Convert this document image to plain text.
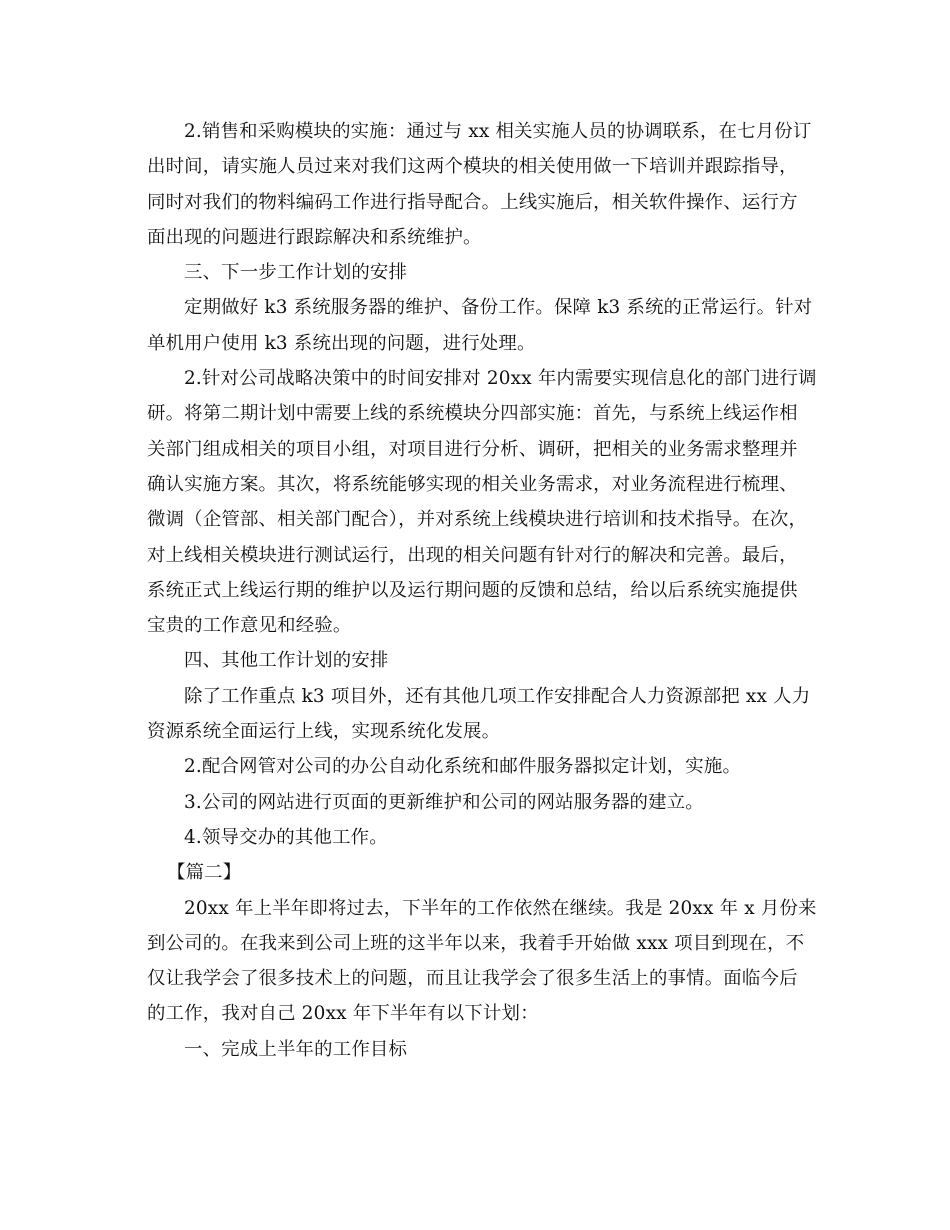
2.销售和采购模块的实施：通过与 xx 相关实施人员的协调联系，在七月份订
出时间，请实施人员过来对我们这两个模块的相关使用做一下培训并跟踪指导，
同时对我们的物料编码工作进行指导配合。上线实施后，相关软件操作、运行方
面出现的问题进行跟踪解决和系统维护。
三、下一步工作计划的安排
定期做好 k3 系统服务器的维护、备份工作。保障 k3 系统的正常运行。针对
单机用户使用 k3 系统出现的问题，进行处理。
2.针对公司战略决策中的时间安排对 20xx 年内需要实现信息化的部门进行调
研。将第二期计划中需要上线的系统模块分四部实施：首先，与系统上线运作相
关部门组成相关的项目小组，对项目进行分析、调研，把相关的业务需求整理并
确认实施方案。其次，将系统能够实现的相关业务需求，对业务流程进行梳理、
微调（企管部、相关部门配合），并对系统上线模块进行培训和技术指导。在次，
对上线相关模块进行测试运行，出现的相关问题有针对行的解决和完善。最后，
系统正式上线运行期的维护以及运行期问题的反馈和总结，给以后系统实施提供
宝贵的工作意见和经验。
四、其他工作计划的安排
除了工作重点 k3 项目外，还有其他几项工作安排配合人力资源部把 xx 人力
资源系统全面运行上线，实现系统化发展。
2.配合网管对公司的办公自动化系统和邮件服务器拟定计划，实施。
3.公司的网站进行页面的更新维护和公司的网站服务器的建立。
4.领导交办的其他工作。
【篇二】
20xx 年上半年即将过去，下半年的工作依然在继续。我是 20xx 年 x 月份来
到公司的。在我来到公司上班的这半年以来，我着手开始做 xxx 项目到现在，不
仅让我学会了很多技术上的问题，而且让我学会了很多生活上的事情。面临今后
的工作，我对自己 20xx 年下半年有以下计划：
一、完成上半年的工作目标
